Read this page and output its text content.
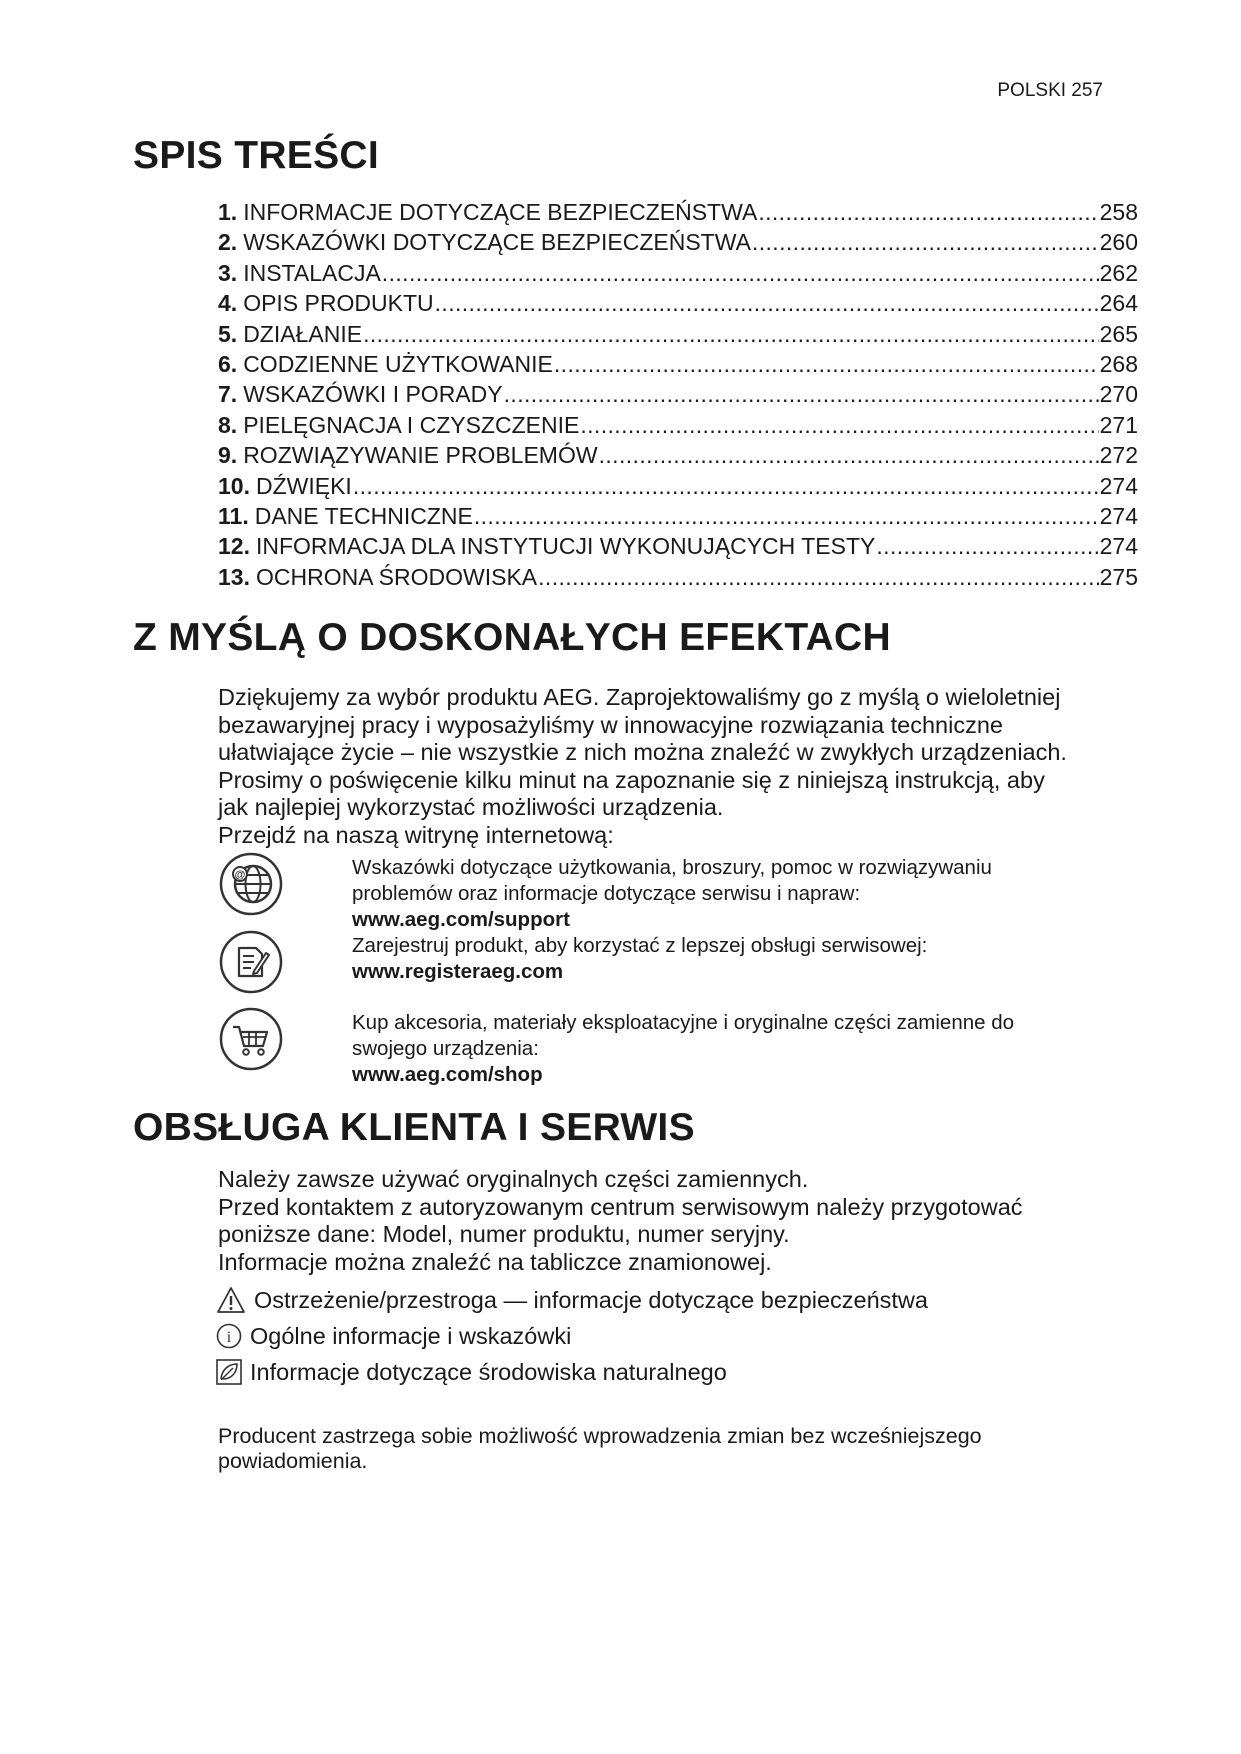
POLSKI 257
SPIS TREŚCI
1. INFORMACJE DOTYCZĄCE BEZPIECZEŃSTWA .....	258
2. WSKAZÓWKI DOTYCZĄCE BEZPIECZEŃSTWA .....	260
3. INSTALACJA .....	262
4. OPIS PRODUKTU .....	264
5. DZIAŁANIE .....	265
6. CODZIENNE UŻYTKOWANIE .....	268
7. WSKAZÓWKI I PORADY .....	270
8. PIELĘGNACJA I CZYSZCZENIE .....	271
9. ROZWIĄZYWANIE PROBLEMÓW .....	272
10. DŹWIĘKI .....	274
11. DANE TECHNICZNE .....	274
12. INFORMACJA DLA INSTYTUCJI WYKONUJĄCYCH TESTY .....	274
13. OCHRONA ŚRODOWISKA .....	275
Z MYŚLĄ O DOSKONAŁYCH EFEKTACH

Dziękujemy za wybór produktu AEG. Zaprojektowaliśmy go z myślą o wieloletniej

bezawaryjnej pracy i wyposażyliśmy w innowacyjne rozwiązania techniczne

ułatwiające życie – nie wszystkie z nich można znaleźć w zwykłych urządzeniach.

Prosimy o poświęcenie kilku minut na zapoznanie się z niniejszą instrukcją, aby

jak najlepiej wykorzystać możliwości urządzenia.

Przejdź na naszą witrynę internetową:

@	Wskazówki dotyczące użytkowania, broszury, pomoc w rozwiązywaniu
problemów oraz informacje dotyczące serwisu i napraw:
www.aeg.com/support
Zarejestruj produkt, aby korzystać z lepszej obsługi serwisowej:
www.registeraeg.com
Kup akcesoria, materiały eksploatacyjne i oryginalne części zamienne do
swojego urządzenia:
www.aeg.com/shop
OBSŁUGA KLIENTA I SERWIS

Należy zawsze używać oryginalnych części zamiennych.

Przed kontaktem z autoryzowanym centrum serwisowym należy przygotować

poniższe dane: Model, numer produktu, numer seryjny.

Informacje można znaleźć na tabliczce znamionowej.

Ostrzeżenie/przestroga — informacje dotyczące bezpieczeństwa
i Ogólne informacje i wskazówki
Informacje dotyczące środowiska naturalnego
Producent zastrzega sobie możliwość wprowadzenia zmian bez wcześniejszego
powiadomienia.
